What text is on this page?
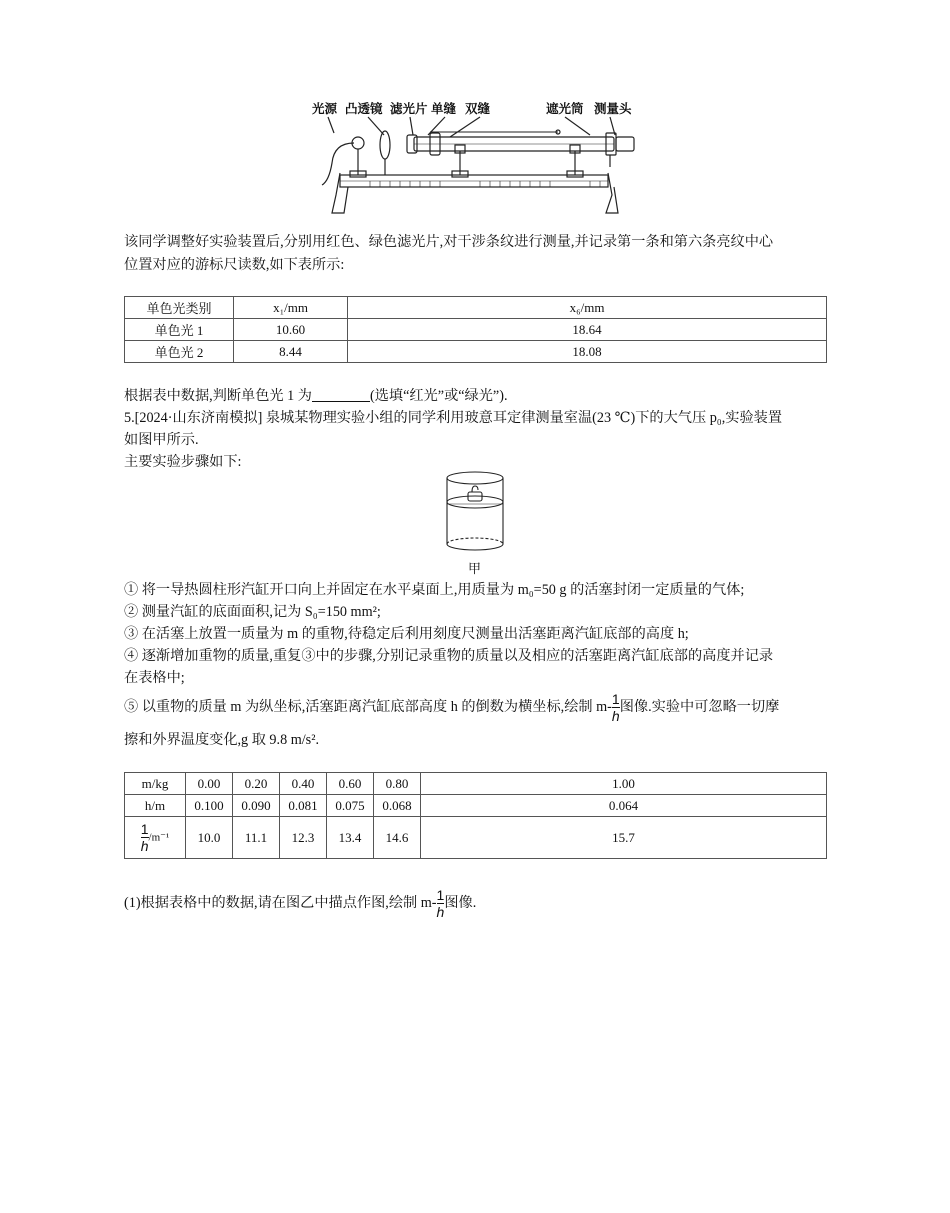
光源 凸透镜 滤光片 单缝 双缝	遮光筒 测量头
该同学调整好实验装置后,分别用红色、绿色滤光片,对干涉条纹进行测量,并记录第一条和第六条亮纹中心
位置对应的游标尺读数,如下表所示:
单色光类别	x₁/mm	x₆/mm
单色光 1	10.60	18.64
单色光 2	8.44	18.08
根据表中数据,判断单色光 1 为	(选填“红光”或“绿光”).
5.[2024·山东济南模拟] 泉城某物理实验小组的同学利用玻意耳定律测量室温(23 ℃)下的大气压 p₀,实验装置
如图甲所示.
主要实验步骤如下:
甲
① 将一导热圆柱形汽缸开口向上并固定在水平桌面上,用质量为 m₀=50 g 的活塞封闭一定质量的气体;
② 测量汽缸的底面面积,记为 S₀=150 mm²;
③ 在活塞上放置一质量为 m 的重物,待稳定后利用刻度尺测量出活塞距离汽缸底部的高度 h;
④ 逐渐增加重物的质量,重复③中的步骤,分别记录重物的质量以及相应的活塞距离汽缸底部的高度并记录
在表格中;
⑤ 以重物的质量 m 为纵坐标,活塞距离汽缸底部高度 h 的倒数为横坐标,绘制 $m- \frac{1}{h}$ 图像.实验中可忽略一切摩
擦和外界温度变化,g 取 9.8 m/s².
m/kg	0.00	0.20	0.40	0.60	0.80	1.00
h/m	0.100	0.090	0.081	0.075	0.068	0.064

$\frac{1}{h} /m^{-1}$	10.0	11.1	12.3	13.4	14.6	15.7
(1)根据表格中的数据,请在图乙中描点作图,绘制 $m- \frac{1}{h}$ 图像.
